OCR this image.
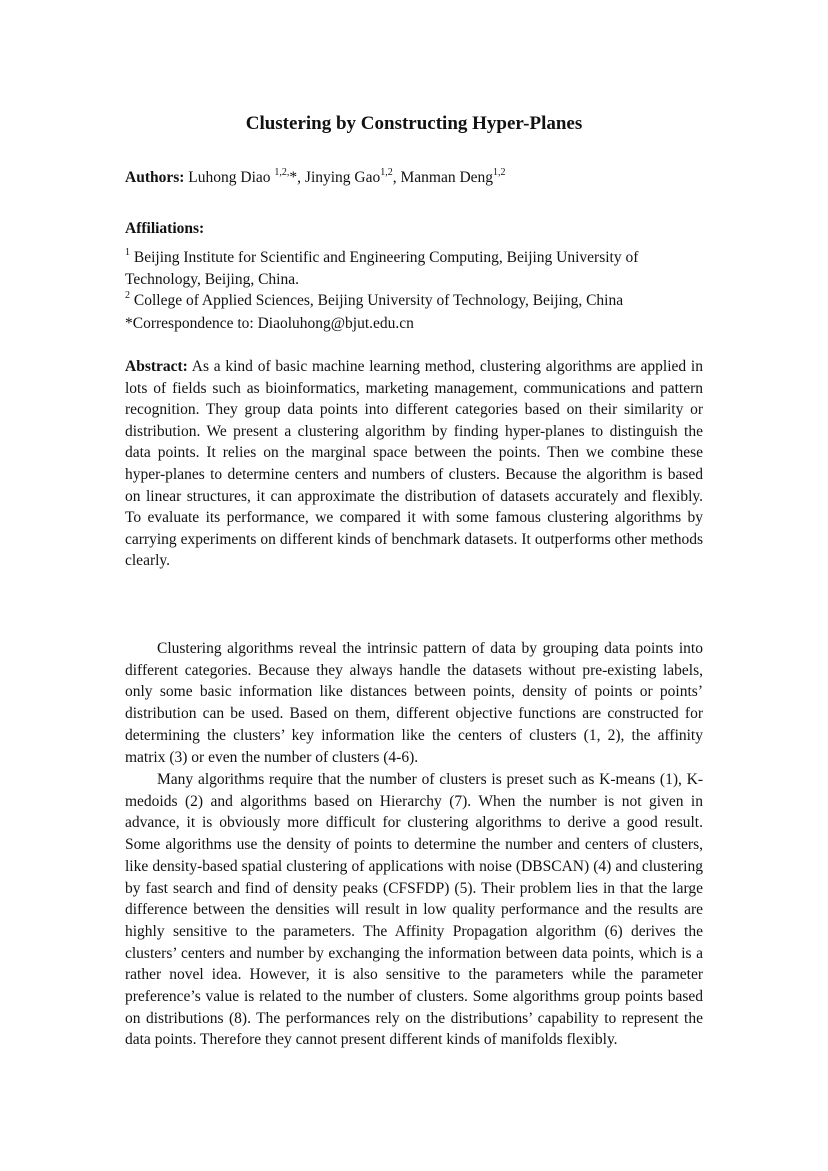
Clustering by Constructing Hyper-Planes
Authors: Luhong Diao $^{1,2,}$*, Jinying Gao$^{1,2}$, Manman Deng$^{1,2}$
Affiliations:
$^1$ Beijing Institute for Scientific and Engineering Computing, Beijing University of Technology, Beijing, China.
$^2$ College of Applied Sciences, Beijing University of Technology, Beijing, China
*Correspondence to: Diaoluhong@bjut.edu.cn
Abstract: As a kind of basic machine learning method, clustering algorithms are applied in lots of fields such as bioinformatics, marketing management, communications and pattern recognition. They group data points into different categories based on their similarity or distribution. We present a clustering algorithm by finding hyper-planes to distinguish the data points. It relies on the marginal space between the points. Then we combine these hyper-planes to determine centers and numbers of clusters. Because the algorithm is based on linear structures, it can approximate the distribution of datasets accurately and flexibly. To evaluate its performance, we compared it with some famous clustering algorithms by carrying experiments on different kinds of benchmark datasets. It outperforms other methods clearly.
Clustering algorithms reveal the intrinsic pattern of data by grouping data points into different categories. Because they always handle the datasets without pre-existing labels, only some basic information like distances between points, density of points or points’ distribution can be used. Based on them, different objective functions are constructed for determining the clusters’ key information like the centers of clusters (1, 2), the affinity matrix (3) or even the number of clusters (4-6).
Many algorithms require that the number of clusters is preset such as K-means (1), K-medoids (2) and algorithms based on Hierarchy (7). When the number is not given in advance, it is obviously more difficult for clustering algorithms to derive a good result. Some algorithms use the density of points to determine the number and centers of clusters, like density-based spatial clustering of applications with noise (DBSCAN) (4) and clustering by fast search and find of density peaks (CFSFDP) (5). Their problem lies in that the large difference between the densities will result in low quality performance and the results are highly sensitive to the parameters. The Affinity Propagation algorithm (6) derives the clusters’ centers and number by exchanging the information between data points, which is a rather novel idea. However, it is also sensitive to the parameters while the parameter preference’s value is related to the number of clusters. Some algorithms group points based on distributions (8). The performances rely on the distributions’ capability to represent the data points. Therefore they cannot present different kinds of manifolds flexibly.
